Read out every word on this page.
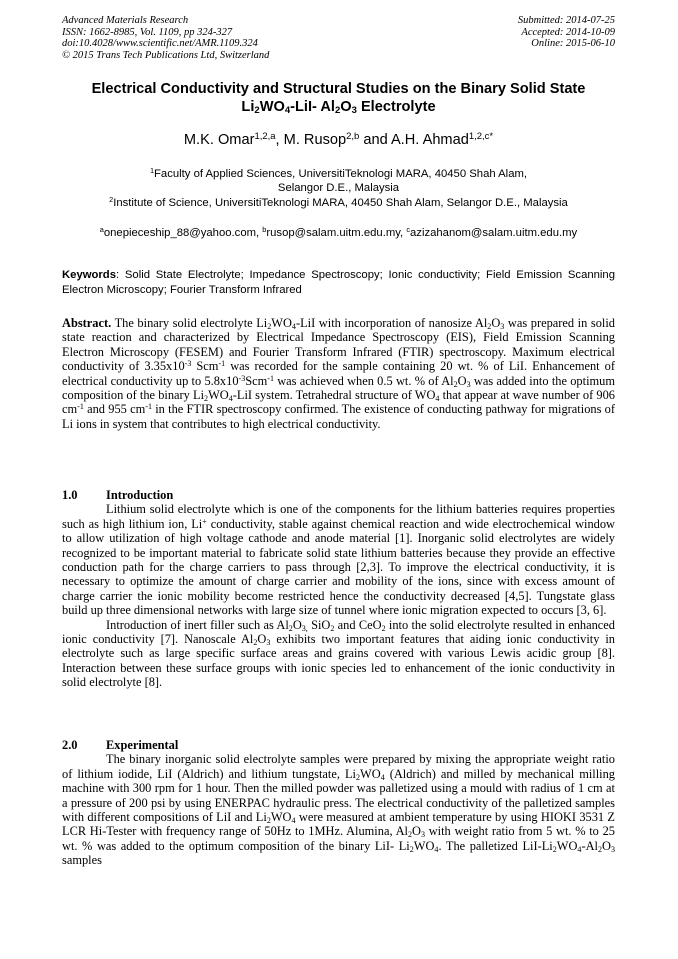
Advanced Materials Research
ISSN: 1662-8985, Vol. 1109, pp 324-327
doi:10.4028/www.scientific.net/AMR.1109.324
© 2015 Trans Tech Publications Ltd, Switzerland
Submitted: 2014-07-25
Accepted: 2014-10-09
Online: 2015-06-10
Electrical Conductivity and Structural Studies on the Binary Solid State
$Li_2WO_4-LiI-$ $Al_2O_3$ Electrolyte
M.K. Omar$^{1,2,a}$, M. Rusop$^{2,b}$ and A.H. Ahmad$^{1,2,c*}$
$^1$Faculty of Applied Sciences, UniversitiTeknologi MARA, 40450 Shah Alam,
Selangor D.E., Malaysia
$^2$Institute of Science, UniversitiTeknologi MARA, 40450 Shah Alam, Selangor D.E., Malaysia
$^a$onepieceship_88@yahoo.com, $^b$rusop@salam.uitm.edu.my, $^c$azizahanom@salam.uitm.edu.my
Keywords: Solid State Electrolyte; Impedance Spectroscopy; Ionic conductivity; Field Emission Scanning Electron Microscopy; Fourier Transform Infrared
Abstract. The binary solid electrolyte $Li_2WO_4$-LiI with incorporation of nanosize $Al_2O_3$ was prepared in solid state reaction and characterized by Electrical Impedance Spectroscopy (EIS), Field Emission Scanning Electron Microscopy (FESEM) and Fourier Transform Infrared (FTIR) spectroscopy. Maximum electrical conductivity of $3.35x10^{-3}$ Scm$^{-1}$ was recorded for the sample containing 20 wt. % of LiI. Enhancement of electrical conductivity up to $5.8x10^{-3}Scm^{-1}$ was achieved when 0.5 wt. % of $Al_2O_3$ was added into the optimum composition of the binary $Li_2WO_4$-LiI system. Tetrahedral structure of $WO_4$ that appear at wave number of 906 $cm^{-1}$ and 955 $cm^{-1}$ in the FTIR spectroscopy confirmed. The existence of conducting pathway for migrations of Li ions in system that contributes to high electrical conductivity.
1.0 Introduction

Lithium solid electrolyte which is one of the components for the lithium batteries requires properties such as high lithium ion, Li+ conductivity, stable against chemical reaction and wide electrochemical window to allow utilization of high voltage cathode and anode material [1]. Inorganic solid electrolytes are widely recognized to be important material to fabricate solid state lithium batteries because they provide an effective conduction path for the charge carriers to pass through [2,3]. To improve the electrical conductivity, it is necessary to optimize the amount of charge carrier and mobility of the ions, since with excess amount of charge carrier the ionic mobility become restricted hence the conductivity decreased [4,5]. Tungstate glass build up three dimensional networks with large size of tunnel where ionic migration expected to occurs [3, 6].

Introduction of inert filler such as $Al_2O_{3,}$ SiO$_2$ and CeO$_2$ into the solid electrolyte resulted in enhanced ionic conductivity [7]. Nanoscale $Al_2O_3$ exhibits two important features that aiding ionic conductivity in electrolyte such as large specific surface areas and grains covered with various Lewis acidic group [8]. Interaction between these surface groups with ionic species led to enhancement of the ionic conductivity in solid electrolyte [8].

2.0 Experimental

The binary inorganic solid electrolyte samples were prepared by mixing the appropriate weight ratio of lithium iodide, LiI (Aldrich) and lithium tungstate, $Li_2WO_4$ (Aldrich) and milled by mechanical milling machine with 300 rpm for 1 hour. Then the milled powder was palletized using a mould with radius of 1 cm at a pressure of 200 psi by using ENERPAC hydraulic press. The electrical conductivity of the palletized samples with different compositions of LiI and $Li_2WO_4$ were measured at ambient temperature by using HIOKI 3531 Z LCR Hi-Tester with frequency range of 50Hz to 1MHz. Alumina, $Al_2O_3$ with weight ratio from 5 wt. % to 25 wt. % was added to the optimum composition of the binary LiI- $Li_2WO_4$. The palletized LiI-$Li_2WO_4-Al_2O_3$ samples
